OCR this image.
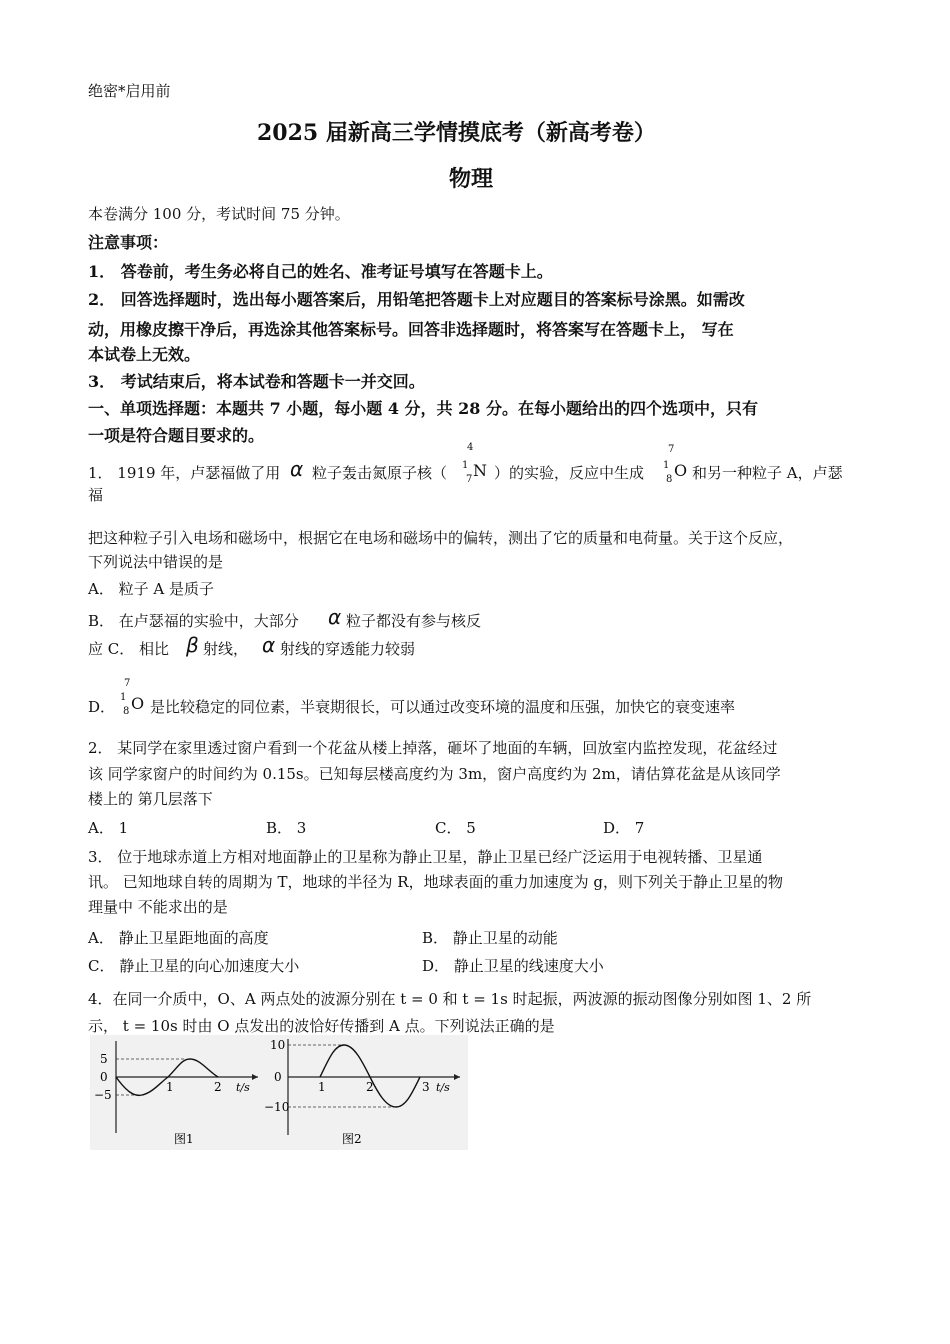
绝密*启用前
2025 届新高三学情摸底考（新高考卷）
物理
本卷满分 100 分，考试时间 75 分钟。
注意事项：
1． 答卷前，考生务必将自己的姓名、准考证号填写在答题卡上。
2． 回答选择题时，选出每小题答案后，用铅笔把答题卡上对应题目的答案标号涂黑。如需改
动，用橡皮擦干净后，再选涂其他答案标号。回答非选择题时，将答案写在答题卡上， 写在
本试卷上无效。
3． 考试结束后，将本试卷和答题卡一并交回。
一、单项选择题：本题共 7 小题，每小题 4 分，共 28 分。在每小题给出的四个选项中，只有
一项是符合题目要求的。
1． 1919 年，卢瑟福做了用 α 粒子轰击氮原子核（
4
1
7 N ）的实验，反应中生成
7
1
8 O 和另一种粒子 A，卢瑟
福
把这种粒子引入电场和磁场中，根据它在电场和磁场中的偏转，测出了它的质量和电荷量。关于这个反应，
下列说法中错误的是
A． 粒子 A 是质子
B． 在卢瑟福的实验中，大部分 α 粒子都没有参与核反
应 C． 相比 β 射线， α 射线的穿透能力较弱
7
D．
1
8 O 是比较稳定的同位素，半衰期很长，可以通过改变环境的温度和压强，加快它的衰变速率
2． 某同学在家里透过窗户看到一个花盆从楼上掉落，砸坏了地面的车辆，回放室内监控发现，花盆经过
该 同学家窗户的时间约为 0.15s。已知每层楼高度约为 3m，窗户高度约为 2m，请估算花盆是从该同学
楼上的 第几层落下
A． 1	B． 3	C． 5	D． 7
3． 位于地球赤道上方相对地面静止的卫星称为静止卫星，静止卫星已经广泛运用于电视转播、卫星通
讯。 已知地球自转的周期为 T，地球的半径为 R，地球表面的重力加速度为 g，则下列关于静止卫星的物
理量中 不能求出的是
A． 静止卫星距地面的高度	B． 静止卫星的动能
C． 静止卫星的向心加速度大小	D． 静止卫星的线速度大小
4．在同一介质中，O、A 两点处的波源分别在 t = 0 和 t = 1s 时起振，两波源的振动图像分别如图 1、2 所
示， t = 10s 时由 O 点发出的波恰好传播到 A 点。下列说法正确的是
5
0
−5
1	2 t/s
图1
10
0
−10
1	2	3 t/s
图2
